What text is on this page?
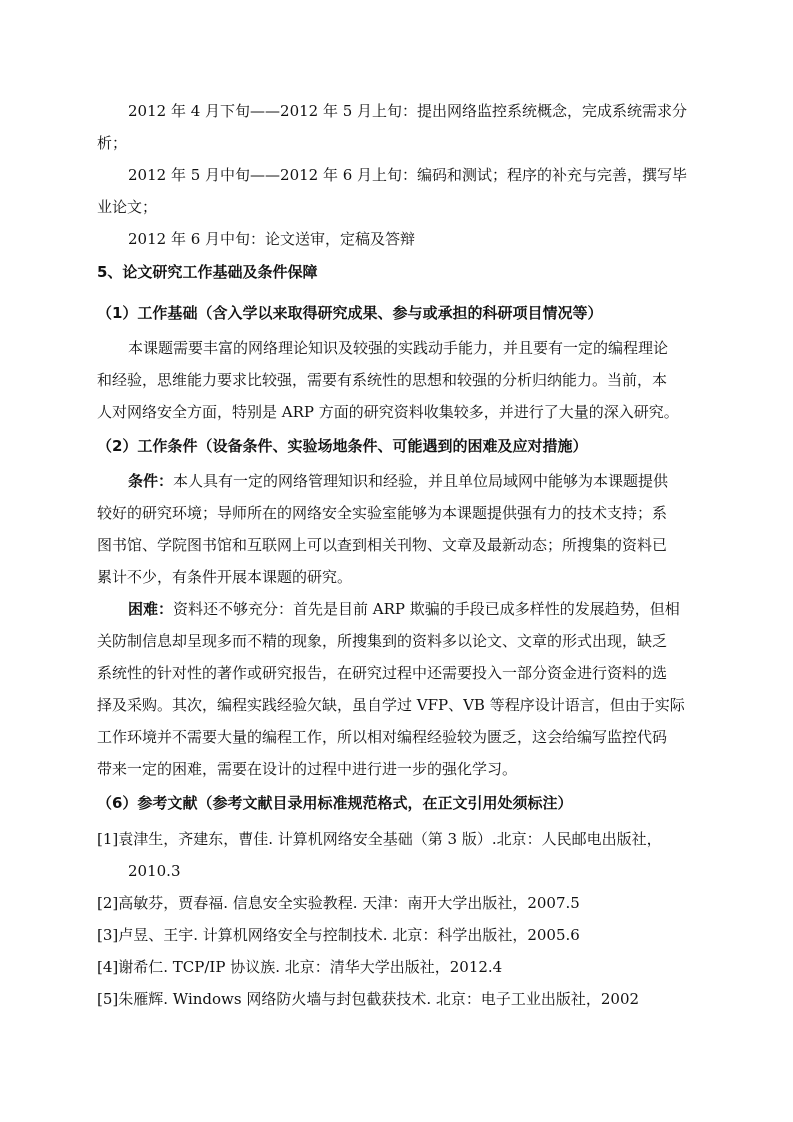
2012 年 4 月下旬——2012 年 5 月上旬：提出网络监控系统概念，完成系统需求分
析；
2012 年 5 月中旬——2012 年 6 月上旬：编码和测试；程序的补充与完善，撰写毕
业论文；
2012 年 6 月中旬：论文送审，定稿及答辩
5、论文研究工作基础及条件保障
（1）工作基础（含入学以来取得研究成果、参与或承担的科研项目情况等）
本课题需要丰富的网络理论知识及较强的实践动手能力，并且要有一定的编程理论
和经验，思维能力要求比较强，需要有系统性的思想和较强的分析归纳能力。当前，本
人对网络安全方面，特别是 ARP 方面的研究资料收集较多，并进行了大量的深入研究。
（2）工作条件（设备条件、实验场地条件、可能遇到的困难及应对措施）
条件：本人具有一定的网络管理知识和经验，并且单位局域网中能够为本课题提供
较好的研究环境；导师所在的网络安全实验室能够为本课题提供强有力的技术支持；系
图书馆、学院图书馆和互联网上可以查到相关刊物、文章及最新动态；所搜集的资料已
累计不少，有条件开展本课题的研究。
困难：资料还不够充分：首先是目前 ARP 欺骗的手段已成多样性的发展趋势，但相
关防制信息却呈现多而不精的现象，所搜集到的资料多以论文、文章的形式出现，缺乏
系统性的针对性的著作或研究报告，在研究过程中还需要投入一部分资金进行资料的选
择及采购。其次，编程实践经验欠缺，虽自学过 VFP、VB 等程序设计语言，但由于实际
工作环境并不需要大量的编程工作，所以相对编程经验较为匮乏，这会给编写监控代码
带来一定的困难，需要在设计的过程中进行进一步的强化学习。
（6）参考文献（参考文献目录用标准规范格式，在正文引用处须标注）
[1]袁津生，齐建东，曹佳. 计算机网络安全基础（第 3 版）.北京：人民邮电出版社，
2010.3
[2]高敏芬，贾春福. 信息安全实验教程. 天津：南开大学出版社，2007.5
[3]卢昱、王宇. 计算机网络安全与控制技术. 北京：科学出版社，2005.6
[4]谢希仁. TCP/IP 协议族. 北京：清华大学出版社，2012.4
[5]朱雁辉. Windows 网络防火墙与封包截获技术. 北京：电子工业出版社，2002
